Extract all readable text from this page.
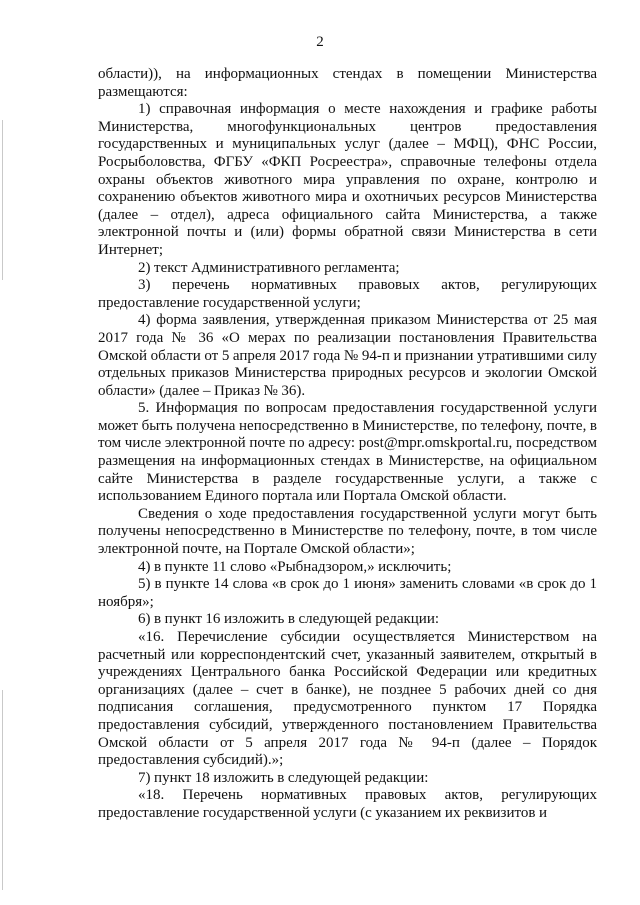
2

области)), на информационных стендах в помещении Министерства размещаются:

1) справочная информация о месте нахождения и графике работы Министерства, многофункциональных центров предоставления государственных и муниципальных услуг (далее – МФЦ), ФНС России, Росрыболовства, ФГБУ «ФКП Росреестра», справочные телефоны отдела охраны объектов животного мира управления по охране, контролю и сохранению объектов животного мира и охотничьих ресурсов Министерства (далее – отдел), адреса официального сайта Министерства, а также электронной почты и (или) формы обратной связи Министерства в сети Интернет;

2) текст Административного регламента;

3) перечень нормативных правовых актов, регулирующих предоставление государственной услуги;

4) форма заявления, утвержденная приказом Министерства от 25 мая 2017 года № 36 «О мерах по реализации постановления Правительства Омской области от 5 апреля 2017 года № 94-п и признании утратившими силу отдельных приказов Министерства природных ресурсов и экологии Омской области» (далее – Приказ № 36).

5. Информация по вопросам предоставления государственной услуги может быть получена непосредственно в Министерстве, по телефону, почте, в том числе электронной почте по адресу: post@mpr.omskportal.ru, посредством размещения на информационных стендах в Министерстве, на официальном сайте Министерства в разделе государственные услуги, а также с использованием Единого портала или Портала Омской области.

Сведения о ходе предоставления государственной услуги могут быть получены непосредственно в Министерстве по телефону, почте, в том числе электронной почте, на Портале Омской области»;

4) в пункте 11 слово «Рыбнадзором,» исключить;

5) в пункте 14 слова «в срок до 1 июня» заменить словами «в срок до 1 ноября»;

6) в пункт 16 изложить в следующей редакции:

«16. Перечисление субсидии осуществляется Министерством на расчетный или корреспондентский счет, указанный заявителем, открытый в учреждениях Центрального банка Российской Федерации или кредитных организациях (далее – счет в банке), не позднее 5 рабочих дней со дня подписания соглашения, предусмотренного пунктом 17 Порядка предоставления субсидий, утвержденного постановлением Правительства Омской области от 5 апреля 2017 года № 94-п (далее – Порядок предоставления субсидий).»;

7) пункт 18 изложить в следующей редакции:

«18. Перечень нормативных правовых актов, регулирующих предоставление государственной услуги (с указанием их реквизитов и
